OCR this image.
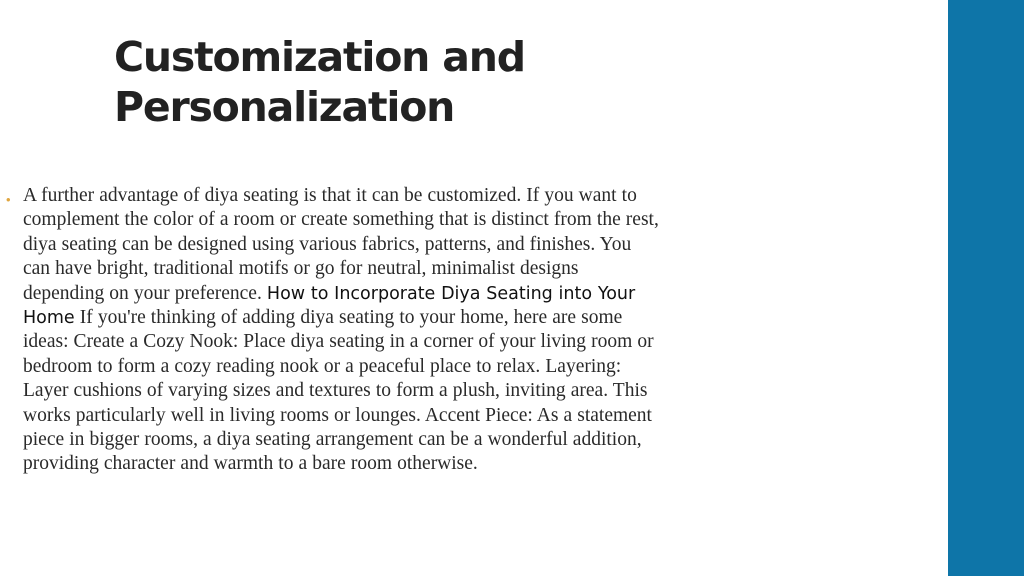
Customization and Personalization
• A further advantage of diya seating is that it can be customized. If you want to complement the color of a room or create something that is distinct from the rest, diya seating can be designed using various fabrics, patterns, and finishes. You can have bright, traditional motifs or go for neutral, minimalist designs depending on your preference. How to Incorporate Diya Seating into Your Home If you're thinking of adding diya seating to your home, here are some ideas: Create a Cozy Nook: Place diya seating in a corner of your living room or bedroom to form a cozy reading nook or a peaceful place to relax. Layering: Layer cushions of varying sizes and textures to form a plush, inviting area. This works particularly well in living rooms or lounges. Accent Piece: As a statement piece in bigger rooms, a diya seating arrangement can be a wonderful addition, providing character and warmth to a bare room otherwise.
